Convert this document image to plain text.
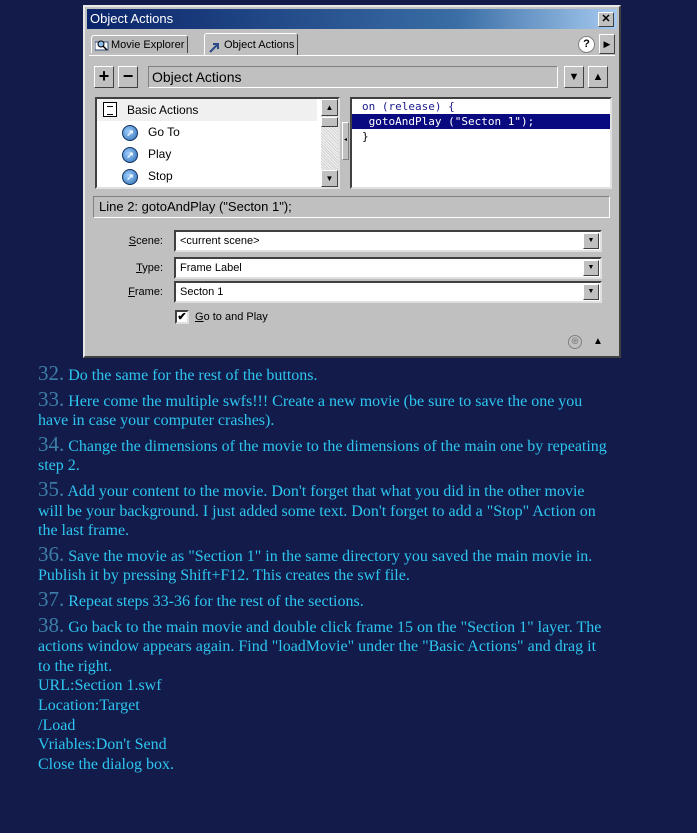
Object Actions	✕
Movie Explorer	Object Actions	?	▶
+ −	Object Actions	▼	▲
Basic Actions
↗	Go To
↗	Play
↗	Stop
▲
▼
◂
on (release) {
gotoAndPlay ("Secton 1");
}
Line 2: gotoAndPlay ("Secton 1");
Scene:	<current scene>	▼
Type:	Frame Label	▼
Frame:	Secton 1	▼
✔ Go to and Play
⊕ ▲
32. Do the same for the rest of the buttons.
33. Here come the multiple swfs!!! Create a new movie (be sure to save the one you
have in case your computer crashes).
34. Change the dimensions of the movie to the dimensions of the main one by repeating
step 2.
35. Add your content to the movie. Don't forget that what you did in the other movie
will be your background. I just added some text. Don't forget to add a "Stop" Action on
the last frame.
36. Save the movie as "Section 1" in the same directory you saved the main movie in.
Publish it by pressing Shift+F12. This creates the swf file.
37. Repeat steps 33-36 for the rest of the sections.
38. Go back to the main movie and double click frame 15 on the "Section 1" layer. The
actions window appears again. Find "loadMovie" under the "Basic Actions" and drag it
to the right.
URL:Section 1.swf
Location:Target
/Load
Vriables:Don't Send
Close the dialog box.
